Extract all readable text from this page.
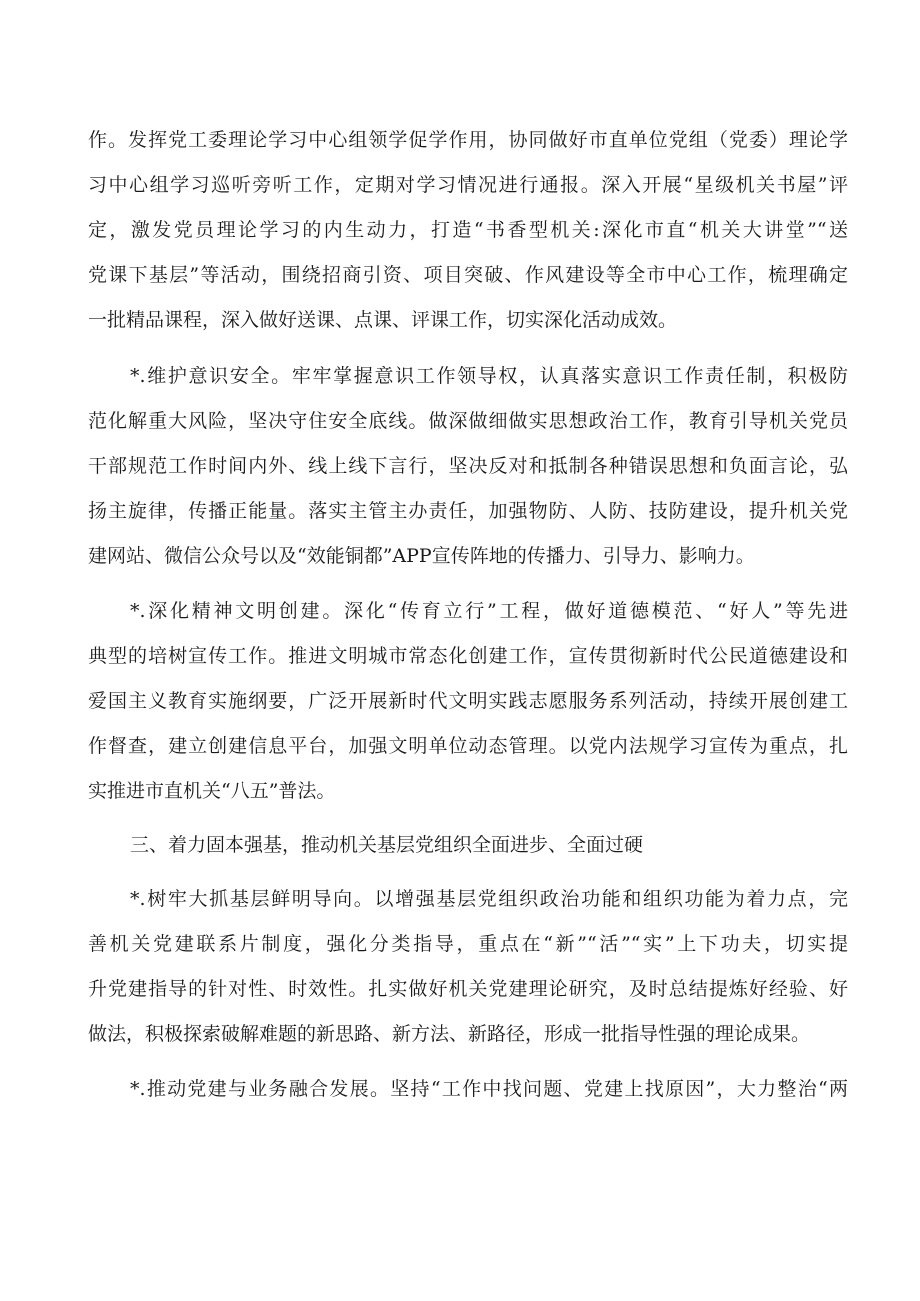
作。发挥党工委理论学习中心组领学促学作用，协同做好市直单位党组（党委）理论学
习中心组学习巡听旁听工作，定期对学习情况进行通报。深入开展“星级机关书屋”评
定，激发党员理论学习的内生动力，打造“书香型机关:深化市直“机关大讲堂”“送
党课下基层”等活动，围绕招商引资、项目突破、作风建设等全市中心工作，梳理确定
一批精品课程，深入做好送课、点课、评课工作，切实深化活动成效。
*.维护意识安全。牢牢掌握意识工作领导权，认真落实意识工作责任制，积极防
范化解重大风险，坚决守住安全底线。做深做细做实思想政治工作，教育引导机关党员
干部规范工作时间内外、线上线下言行，坚决反对和抵制各种错误思想和负面言论，弘
扬主旋律，传播正能量。落实主管主办责任，加强物防、人防、技防建设，提升机关党
建网站、微信公众号以及“效能铜都”APP宣传阵地的传播力、引导力、影响力。
*.深化精神文明创建。深化“传育立行”工程，做好道德模范、“好人”等先进
典型的培树宣传工作。推进文明城市常态化创建工作，宣传贯彻新时代公民道德建设和
爱国主义教育实施纲要，广泛开展新时代文明实践志愿服务系列活动，持续开展创建工
作督查，建立创建信息平台，加强文明单位动态管理。以党内法规学习宣传为重点，扎
实推进市直机关“八五”普法。
三、着力固本强基，推动机关基层党组织全面进步、全面过硬
*.树牢大抓基层鲜明导向。以增强基层党组织政治功能和组织功能为着力点，完
善机关党建联系片制度，强化分类指导，重点在“新”“活”“实”上下功夫，切实提
升党建指导的针对性、时效性。扎实做好机关党建理论研究，及时总结提炼好经验、好
做法，积极探索破解难题的新思路、新方法、新路径，形成一批指导性强的理论成果。
*.推动党建与业务融合发展。坚持“工作中找问题、党建上找原因”，大力整治“两
